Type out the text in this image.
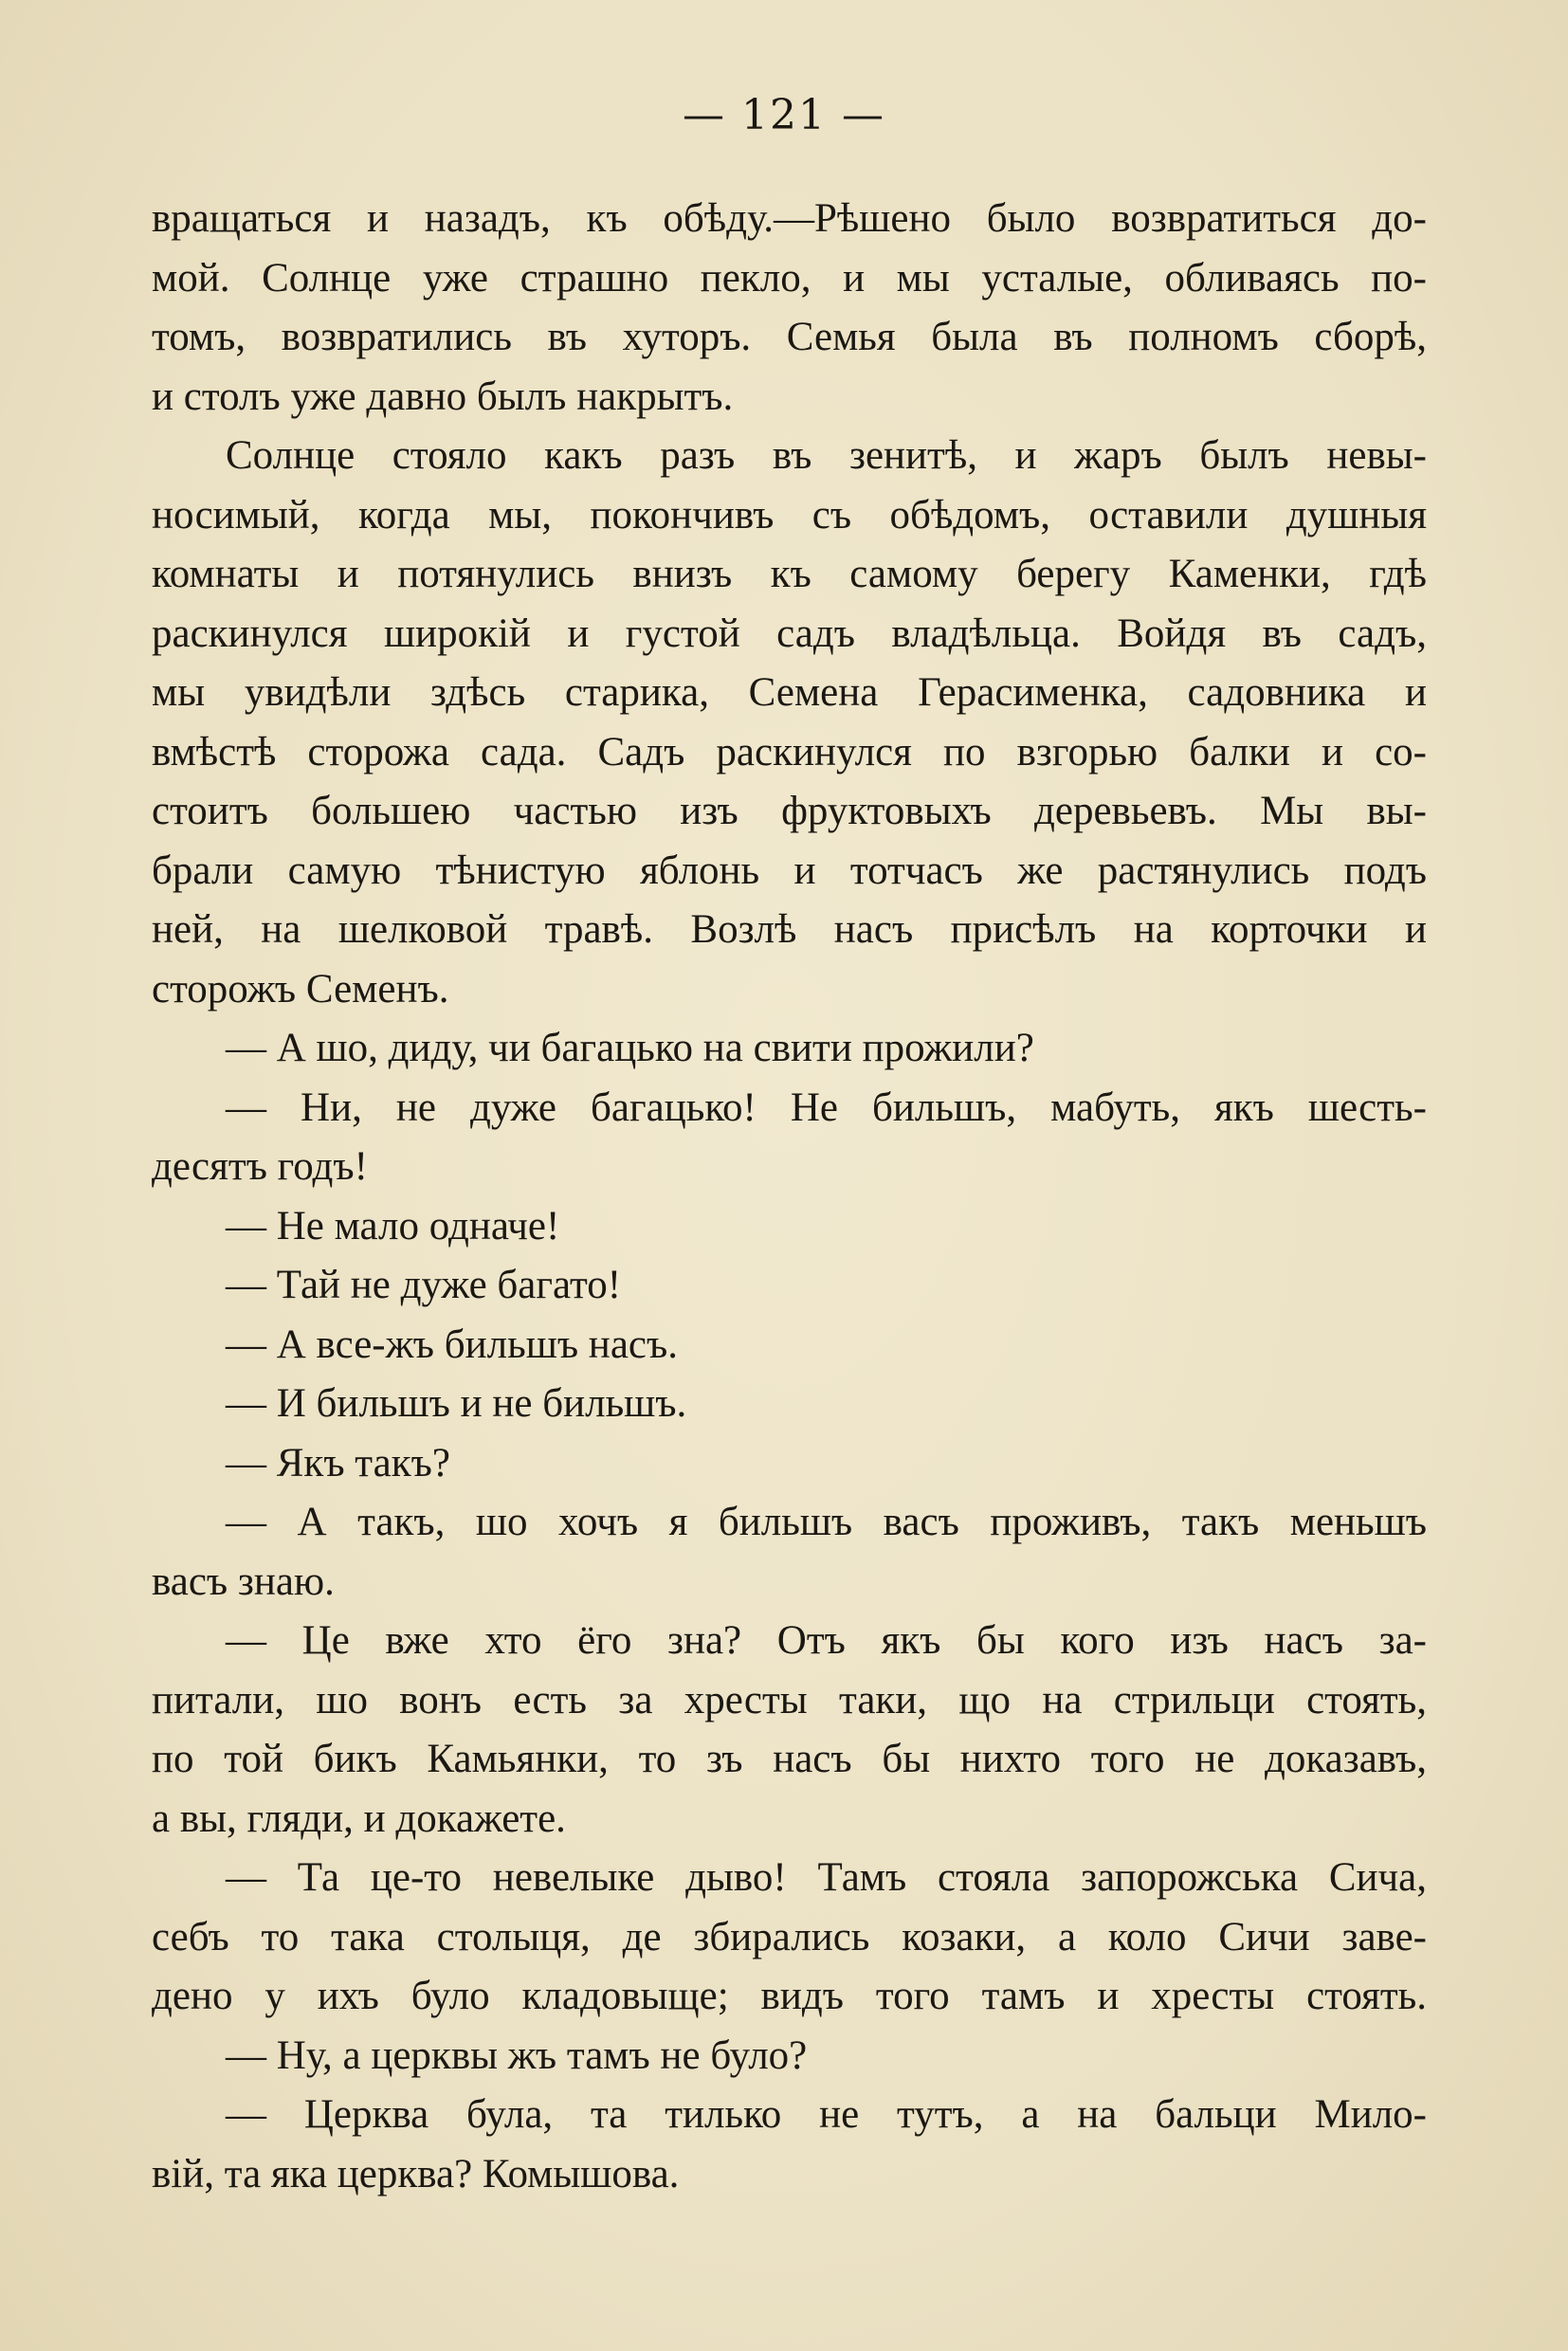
— 121 —
вращаться и назадъ, къ обѣду.—Рѣшено было возвратиться до-
мой. Солнце уже страшно пекло, и мы усталые, обливаясь по-
томъ, возвратились въ хуторъ. Семья была въ полномъ сборѣ,
и столъ уже давно былъ накрытъ.
Солнце стояло какъ разъ въ зенитѣ, и жаръ былъ невы-
носимый, когда мы, покончивъ съ обѣдомъ, оставили душныя
комнаты и потянулись внизъ къ самому берегу Каменки, гдѣ
раскинулся широкій и густой садъ владѣльца. Войдя въ садъ,
мы увидѣли здѣсь старика, Семена Герасименка, садовника и
вмѣстѣ сторожа сада. Садъ раскинулся по взгорью балки и со-
стоитъ большею частью изъ фруктовыхъ деревьевъ. Мы вы-
брали самую тѣнистую яблонь и тотчасъ же растянулись подъ
ней, на шелковой травѣ. Возлѣ насъ присѣлъ на корточки и
сторожъ Семенъ.
— А шо, диду, чи багацько на свити прожили?
— Ни, не дуже багацько! Не бильшъ, мабуть, якъ шесть-
десятъ годъ!
— Не мало одначе!
— Тай не дуже багато!
— А все-жъ бильшъ насъ.
— И бильшъ и не бильшъ.
— Якъ такъ?
— А такъ, шо хочъ я бильшъ васъ проживъ, такъ меньшъ
васъ знаю.
— Це вже хто ёго зна? Отъ якъ бы кого изъ насъ за-
питали, шо вонъ есть за хресты таки, що на стрильци стоять,
по той бикъ Камьянки, то зъ насъ бы нихто того не доказавъ,
а вы, гляди, и докажете.
— Та це-то невелыке дыво! Тамъ стояла запорожська Сича,
себъ то така столыця, де збирались козаки, а коло Сичи заве-
дено у ихъ було кладовыще; видъ того тамъ и хресты стоять.
— Ну, а церквы жъ тамъ не було?
— Церква була, та тилько не тутъ, а на бальци Мило-
вій, та яка церква? Комышова.
